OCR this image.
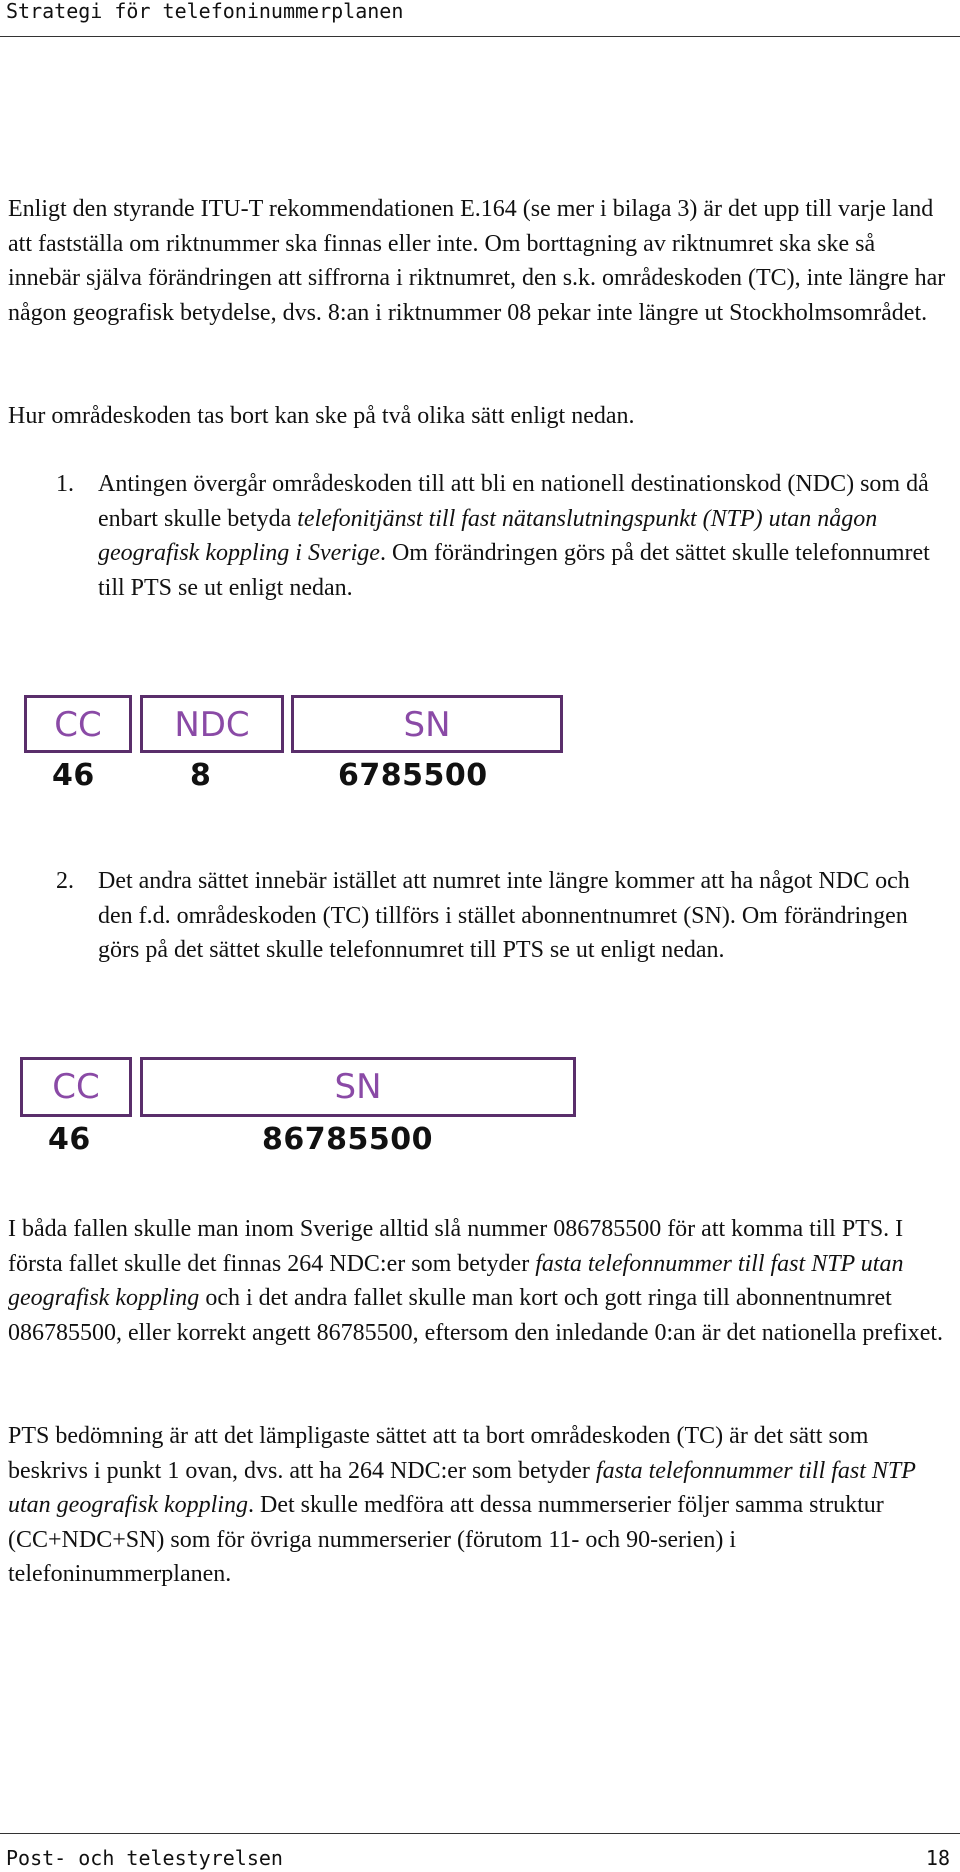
Strategi för telefoninummerplanen

Enligt den styrande ITU-T rekommendationen E.164 (se mer i bilaga 3) är det upp till varje land att fastställa om riktnummer ska finnas eller inte. Om borttagning av riktnumret ska ske så innebär själva förändringen att siffrorna i riktnumret, den s.k. områdeskoden (TC), inte längre har någon geografisk betydelse, dvs. 8:an i riktnummer 08 pekar inte längre ut Stockholmsområdet.

Hur områdeskoden tas bort kan ske på två olika sätt enligt nedan.

1. Antingen övergår områdeskoden till att bli en nationell destinationskod (NDC) som då enbart skulle betyda telefonitjänst till fast nätanslutningspunkt (NTP) utan någon geografisk koppling i Sverige. Om förändringen görs på det sättet skulle telefonnumret till PTS se ut enligt nedan.

CC	NDC	SN
46	8	6785500
2. Det andra sättet innebär istället att numret inte längre kommer att ha något NDC och den f.d. områdeskoden (TC) tillförs i stället abonnentnumret (SN). Om förändringen görs på det sättet skulle telefonnumret till PTS se ut enligt nedan.

CC	SN
46	86785500

I båda fallen skulle man inom Sverige alltid slå nummer 086785500 för att komma till PTS. I första fallet skulle det finnas 264 NDC:er som betyder fasta telefonnummer till fast NTP utan geografisk koppling och i det andra fallet skulle man kort och gott ringa till abonnentnumret 086785500, eller korrekt angett 86785500, eftersom den inledande 0:an är det nationella prefixet.

PTS bedömning är att det lämpligaste sättet att ta bort områdeskoden (TC) är det sätt som beskrivs i punkt 1 ovan, dvs. att ha 264 NDC:er som betyder fasta telefonnummer till fast NTP utan geografisk koppling. Det skulle medföra att dessa nummerserier följer samma struktur (CC+NDC+SN) som för övriga nummerserier (förutom 11- och 90-serien) i telefoninummerplanen.

Post- och telestyrelsen	18
